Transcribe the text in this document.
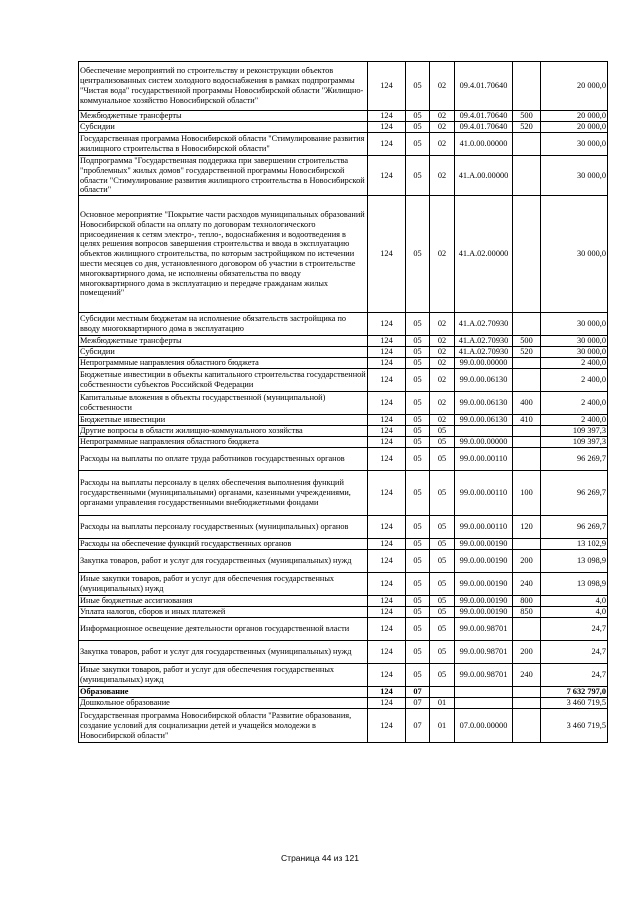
Обеспечение мероприятий по строительству и реконструкции объектов централизованных систем холодного водоснабжения в рамках подпрограммы "Чистая вода" государственной программы Новосибирской области "Жилищно-коммунальное хозяйство Новосибирской области"	124	05	02	09.4.01.70640		20 000,0
Межбюджетные трансферты	124	05	02	09.4.01.70640	500	20 000,0
Субсидии	124	05	02	09.4.01.70640	520	20 000,0
Государственная программа Новосибирской области "Стимулирование развития жилищного строительства в Новосибирской области"	124	05	02	41.0.00.00000		30 000,0
Подпрограмма "Государственная поддержка при завершении строительства "проблемных" жилых домов" государственной программы Новосибирской области "Стимулирование развития жилищного строительства в Новосибирской области"	124	05	02	41.А.00.00000		30 000,0
Основное мероприятие "Покрытие части расходов муниципальных образований Новосибирской области на оплату по договорам технологического присоединения к сетям электро-, тепло-, водоснабжения и водоотведения в целях решения вопросов завершения строительства и ввода в эксплуатацию объектов жилищного строительства, по которым застройщиком по истечении шести месяцев со дня, установленного договором об участии в строительстве многоквартирного дома, не исполнены обязательства по вводу многоквартирного дома в эксплуатацию и передаче гражданам жилых помещений"	124	05	02	41.А.02.00000		30 000,0
Субсидии местным бюджетам на исполнение обязательств застройщика по вводу многоквартирного дома в эксплуатацию	124	05	02	41.А.02.70930		30 000,0
Межбюджетные трансферты	124	05	02	41.А.02.70930	500	30 000,0
Субсидии	124	05	02	41.А.02.70930	520	30 000,0
Непрограммные направления областного бюджета	124	05	02	99.0.00.00000		2 400,0
Бюджетные инвестиции в объекты капитального строительства государственной собственности субъектов Российской Федерации	124	05	02	99.0.00.06130		2 400,0
Капитальные вложения в объекты государственной (муниципальной) собственности	124	05	02	99.0.00.06130	400	2 400,0
Бюджетные инвестиции	124	05	02	99.0.00.06130	410	2 400,0
Другие вопросы в области жилищно-коммунального хозяйства	124	05	05			109 397,3
Непрограммные направления областного бюджета	124	05	05	99.0.00.00000		109 397,3
Расходы на выплаты по оплате труда работников государственных органов	124	05	05	99.0.00.00110		96 269,7
Расходы на выплаты персоналу в целях обеспечения выполнения функций государственными (муниципальными) органами, казенными учреждениями, органами управления государственными внебюджетными фондами	124	05	05	99.0.00.00110	100	96 269,7
Расходы на выплаты персоналу государственных (муниципальных) органов	124	05	05	99.0.00.00110	120	96 269,7
Расходы на обеспечение функций государственных органов	124	05	05	99.0.00.00190		13 102,9
Закупка товаров, работ и услуг для государственных (муниципальных) нужд	124	05	05	99.0.00.00190	200	13 098,9
Иные закупки товаров, работ и услуг для обеспечения государственных (муниципальных) нужд	124	05	05	99.0.00.00190	240	13 098,9
Иные бюджетные ассигнования	124	05	05	99.0.00.00190	800	4,0
Уплата налогов, сборов и иных платежей	124	05	05	99.0.00.00190	850	4,0
Информационное освещение деятельности органов государственной власти	124	05	05	99.0.00.98701		24,7
Закупка товаров, работ и услуг для государственных (муниципальных) нужд	124	05	05	99.0.00.98701	200	24,7
Иные закупки товаров, работ и услуг для обеспечения государственных (муниципальных) нужд	124	05	05	99.0.00.98701	240	24,7
Образование	124	07				7 632 797,0
Дошкольное образование	124	07	01			3 460 719,5
Государственная программа Новосибирской области "Развитие образования, создание условий для социализации детей и учащейся молодежи в Новосибирской области"	124	07	01	07.0.00.00000		3 460 719,5
Страница 44 из 121
